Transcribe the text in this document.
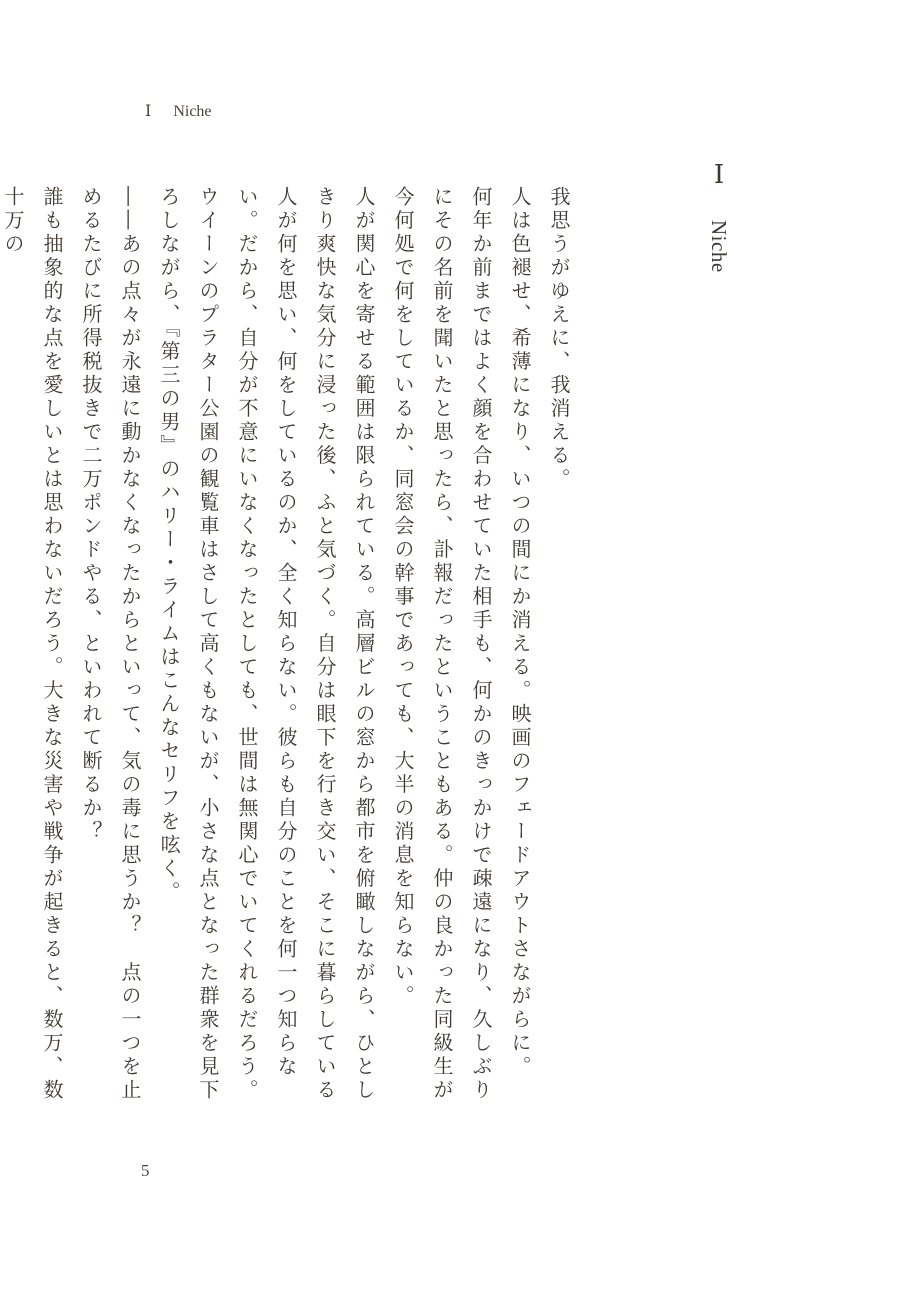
Ⅰ Niche
Ⅰ Niche

我思うがゆえに、我消える。

人は色褪せ、希薄になり、いつの間にか消える。映画のフェードアウトさながらに。

何年か前まではよく顔を合わせていた相手も、何かのきっかけで疎遠になり、久しぶりにその名前を聞いたと思ったら、訃報だったということもある。仲の良かった同級生が今何処で何をしているか、同窓会の幹事であっても、大半の消息を知らない。

人が関心を寄せる範囲は限られている。高層ビルの窓から都市を俯瞰しながら、ひとしきり爽快な気分に浸った後、ふと気づく。自分は眼下を行き交い、そこに暮らしている人が何を思い、何をしているのか、全く知らない。彼らも自分のことを何一つ知らない。だから、自分が不意にいなくなったとしても、世間は無関心でいてくれるだろう。

ウイーンのプラター公園の観覧車はさして高くもないが、小さな点となった群衆を見下ろしながら、『第三の男』のハリー・ライムはこんなセリフを呟く。

――あの点々が永遠に動かなくなったからといって、気の毒に思うか？　点の一つを止めるたびに所得税抜きで二万ポンドやる、といわれて断るか？

誰も抽象的な点を愛しいとは思わないだろう。大きな災害や戦争が起きると、数万、数十万の

5
